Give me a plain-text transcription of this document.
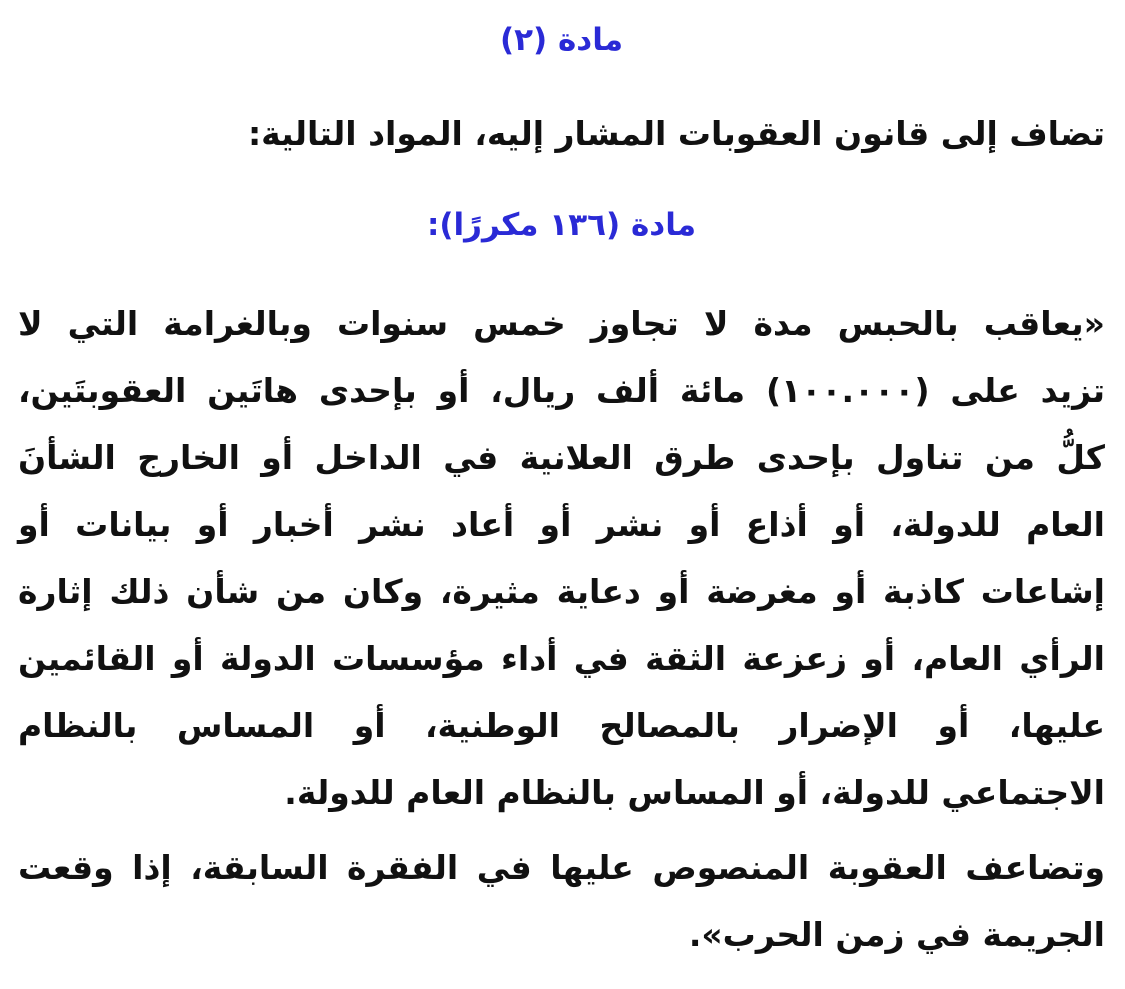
مادة (٢)

تضاف إلى قانون العقوبات المشار إليه، المواد التالية:

مادة (١٣٦ مكررًا):

«يعاقب بالحبس مدة لا تجاوز خمس سنوات وبالغرامة التي لا
تزيد على (١٠٠.٠٠٠) مائة ألف ريال، أو بإحدى هاتَين العقوبتَين،
كلُّ من تناول بإحدى طرق العلانية في الداخل أو الخارج الشأنَ
العام للدولة، أو أذاع أو نشر أو أعاد نشر أخبار أو بيانات أو
إشاعات كاذبة أو مغرضة أو دعاية مثيرة، وكان من شأن ذلك إثارة
الرأي العام، أو زعزعة الثقة في أداء مؤسسات الدولة أو القائمين
عليها، أو الإضرار بالمصالح الوطنية، أو المساس بالنظام
الاجتماعي للدولة، أو المساس بالنظام العام للدولة.

وتضاعف العقوبة المنصوص عليها في الفقرة السابقة، إذا وقعت
الجريمة في زمن الحرب».
